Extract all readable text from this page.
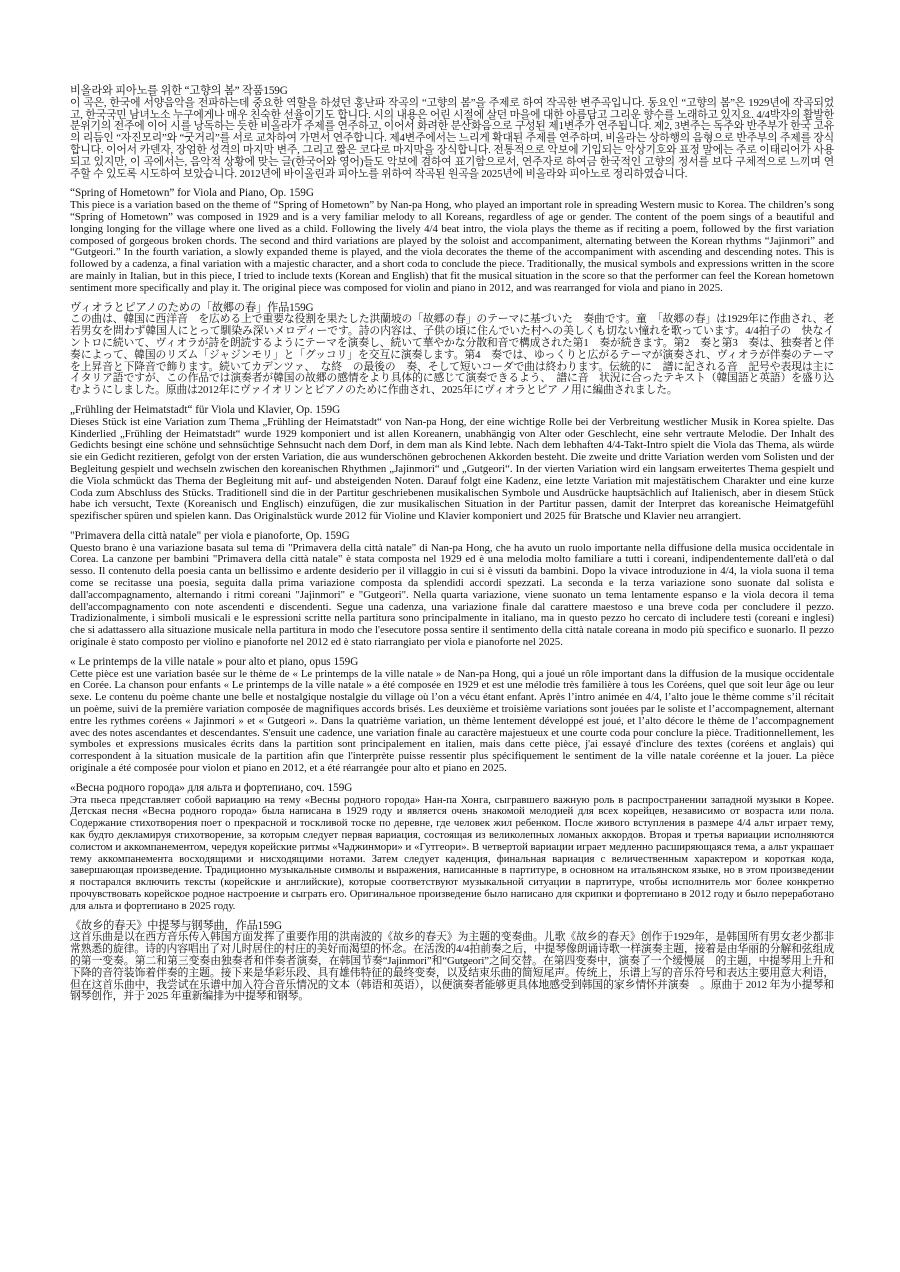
비올라와 피아노를 위한 “고향의 봄” 작품159G

이 곡은, 한국에 서양음악을 전파하는데 중요한 역할을 하셨던 홍난파 작곡의 “고향의 봄”을 주제로 하여 작곡한 변주곡입니다. 동요인 “고향의 봄”은 1929년에 작곡되었고, 한국국민 남녀노소 누구에게나 매우 친숙한 선율이기도 합니다. 시의 내용은 어린 시절에 살던 마을에 대한 아름답고 그리운 향수를 노래하고 있지요. 4/4박자의 활발한 분위기의 전주에 이어 시를 낭독하는 듯한 비올라가 주제를 연주하고, 이어서 화려한 분산화음으로 구성된 제1변주가 연주됩니다. 제2, 3변주는 독주와 반주부가 한국 고유의 리듬인 “자진모리”와 “굿거리”를 서로 교차하여 가면서 연주합니다. 제4변주에서는 느리게 확대된 주제를 연주하며, 비올라는 상하행의 음형으로 반주부의 주제를 장식합니다. 이어서 카덴자, 장엄한 성격의 마지막 변주, 그리고 짧은 코다로 마지막을 장식합니다. 전통적으로 악보에 기입되는 악상기호와 표정 말에는 주로 이태리어가 사용되고 있지만, 이 곡에서는, 음악적 상황에 맞는 글(한국어와 영어)들도 악보에 겸하여 표기함으로서, 연주자로 하여금 한국적인 고향의 정서를 보다 구체적으로 느끼며 연주할 수 있도록 시도하여 보았습니다. 2012년에 바이올린과 피아노를 위하여 작곡된 원곡을 2025년에 비올라와 피아노로 정리하였습니다.

“Spring of Hometown” for Viola and Piano, Op. 159G

This piece is a variation based on the theme of “Spring of Hometown” by Nan-pa Hong, who played an important role in spreading Western music to Korea. The children’s song “Spring of Hometown” was composed in 1929 and is a very familiar melody to all Koreans, regardless of age or gender. The content of the poem sings of a beautiful and longing longing for the village where one lived as a child. Following the lively 4/4 beat intro, the viola plays the theme as if reciting a poem, followed by the first variation composed of gorgeous broken chords. The second and third variations are played by the soloist and accompaniment, alternating between the Korean rhythms “Jajinmori” and “Gutgeori.” In the fourth variation, a slowly expanded theme is played, and the viola decorates the theme of the accompaniment with ascending and descending notes. This is followed by a cadenza, a final variation with a majestic character, and a short coda to conclude the piece. Traditionally, the musical symbols and expressions written in the score are mainly in Italian, but in this piece, I tried to include texts (Korean and English) that fit the musical situation in the score so that the performer can feel the Korean hometown sentiment more specifically and play it. The original piece was composed for violin and piano in 2012, and was rearranged for viola and piano in 2025.

ヴィオラとピアノのための「故郷の春」作品159G

この曲は、韓国に西洋音　を広める上で重要な役割を果たした洪蘭坡の「故郷の春」のテーマに基づいた　奏曲です。童　「故郷の春」は1929年に作曲され、老若男女を問わず韓国人にとって馴染み深いメロディーです。詩の内容は、子供の頃に住んでいた村への美しくも切ない憧れを歌っています。4/4拍子の　快なイントロに続いて、ヴィオラが詩を朗読するようにテーマを演奏し、続いて華やかな分散和音で構成された第1　奏が続きます。第2　奏と第3　奏は、独奏者と伴奏によって、韓国のリズム「ジャジンモリ」と「グッコリ」を交互に演奏します。第4　奏では、ゆっくりと広がるテーマが演奏され、ヴィオラが伴奏のテーマを上昇音と下降音で飾ります。続いてカデンツァ、　な終　の最後の　奏、そして短いコーダで曲は終わります。伝統的に　譜に記される音　記号や表現は主にイタリア語ですが、この作品では演奏者が韓国の故郷の感情をより具体的に感じて演奏できるよう、　譜に音　状況に合ったテキスト（韓国語と英語）を盛り込むようにしました。原曲は2012年にヴァイオリンとピアノのために作曲され、2025年にヴィオラとピア ノ用に編曲されました。

„Frühling der Heimatstadt“ für Viola und Klavier, Op. 159G

Dieses Stück ist eine Variation zum Thema „Frühling der Heimatstadt“ von Nan-pa Hong, der eine wichtige Rolle bei der Verbreitung westlicher Musik in Korea spielte. Das Kinderlied „Frühling der Heimatstadt“ wurde 1929 komponiert und ist allen Koreanern, unabhängig von Alter oder Geschlecht, eine sehr vertraute Melodie. Der Inhalt des Gedichts besingt eine schöne und sehnsüchtige Sehnsucht nach dem Dorf, in dem man als Kind lebte. Nach dem lebhaften 4/4-Takt-Intro spielt die Viola das Thema, als würde sie ein Gedicht rezitieren, gefolgt von der ersten Variation, die aus wunderschönen gebrochenen Akkorden besteht. Die zweite und dritte Variation werden vom Solisten und der Begleitung gespielt und wechseln zwischen den koreanischen Rhythmen „Jajinmori“ und „Gutgeori“. In der vierten Variation wird ein langsam erweitertes Thema gespielt und die Viola schmückt das Thema der Begleitung mit auf- und absteigenden Noten. Darauf folgt eine Kadenz, eine letzte Variation mit majestätischem Charakter und eine kurze Coda zum Abschluss des Stücks. Traditionell sind die in der Partitur geschriebenen musikalischen Symbole und Ausdrücke hauptsächlich auf Italienisch, aber in diesem Stück habe ich versucht, Texte (Koreanisch und Englisch) einzufügen, die zur musikalischen Situation in der Partitur passen, damit der Interpret das koreanische Heimatgefühl spezifischer spüren und spielen kann. Das Originalstück wurde 2012 für Violine und Klavier komponiert und 2025 für Bratsche und Klavier neu arrangiert.

"Primavera della città natale" per viola e pianoforte, Op. 159G

Questo brano è una variazione basata sul tema di "Primavera della città natale" di Nan-pa Hong, che ha avuto un ruolo importante nella diffusione della musica occidentale in Corea. La canzone per bambini "Primavera della città natale" è stata composta nel 1929 ed è una melodia molto familiare a tutti i coreani, indipendentemente dall'età o dal sesso. Il contenuto della poesia canta un bellissimo e ardente desiderio per il villaggio in cui si è vissuti da bambini. Dopo la vivace introduzione in 4/4, la viola suona il tema come se recitasse una poesia, seguita dalla prima variazione composta da splendidi accordi spezzati. La seconda e la terza variazione sono suonate dal solista e dall'accompagnamento, alternando i ritmi coreani "Jajinmori" e "Gutgeori". Nella quarta variazione, viene suonato un tema lentamente espanso e la viola decora il tema dell'accompagnamento con note ascendenti e discendenti. Segue una cadenza, una variazione finale dal carattere maestoso e una breve coda per concludere il pezzo. Tradizionalmente, i simboli musicali e le espressioni scritte nella partitura sono principalmente in italiano, ma in questo pezzo ho cercato di includere testi (coreani e inglesi) che si adattassero alla situazione musicale nella partitura in modo che l'esecutore possa sentire il sentimento della città natale coreana in modo più specifico e suonarlo. Il pezzo originale è stato composto per violino e pianoforte nel 2012 ed è stato riarrangiato per viola e pianoforte nel 2025.

« Le printemps de la ville natale » pour alto et piano, opus 159G

Cette pièce est une variation basée sur le thème de « Le printemps de la ville natale » de Nan-pa Hong, qui a joué un rôle important dans la diffusion de la musique occidentale en Corée. La chanson pour enfants « Le printemps de la ville natale » a été composée en 1929 et est une mélodie très familière à tous les Coréens, quel que soit leur âge ou leur sexe. Le contenu du poème chante une belle et nostalgique nostalgie du village où l’on a vécu étant enfant. Après l’intro animée en 4/4, l’alto joue le thème comme s’il récitait un poème, suivi de la première variation composée de magnifiques accords brisés. Les deuxième et troisième variations sont jouées par le soliste et l’accompagnement, alternant entre les rythmes coréens « Jajinmori » et « Gutgeori ». Dans la quatrième variation, un thème lentement développé est joué, et l’alto décore le thème de l’accompagnement avec des notes ascendantes et descendantes. S'ensuit une cadence, une variation finale au caractère majestueux et une courte coda pour conclure la pièce. Traditionnellement, les symboles et expressions musicales écrits dans la partition sont principalement en italien, mais dans cette pièce, j'ai essayé d'inclure des textes (coréens et anglais) qui correspondent à la situation musicale de la partition afin que l'interprète puisse ressentir plus spécifiquement le sentiment de la ville natale coréenne et la jouer. La pièce originale a été composée pour violon et piano en 2012, et a été réarrangée pour alto et piano en 2025.

«Весна родного города» для альта и фортепиано, соч. 159G

Эта пьеса представляет собой вариацию на тему «Весны родного города» Нан-па Хонга, сыгравшего важную роль в распространении западной музыки в Корее. Детская песня «Весна родного города» была написана в 1929 году и является очень знакомой мелодией для всех корейцев, независимо от возраста или пола. Содержание стихотворения поет о прекрасной и тоскливой тоске по деревне, где человек жил ребенком. После живого вступления в размере 4/4 альт играет тему, как будто декламируя стихотворение, за которым следует первая вариация, состоящая из великолепных ломаных аккордов. Вторая и третья вариации исполняются солистом и аккомпанементом, чередуя корейские ритмы «Чаджинмори» и «Гутгеори». В четвертой вариации играет медленно расширяющаяся тема, а альт украшает тему аккомпанемента восходящими и нисходящими нотами. Затем следует каденция, финальная вариация с величественным характером и короткая кода, завершающая произведение. Традиционно музыкальные символы и выражения, написанные в партитуре, в основном на итальянском языке, но в этом произведении я постарался включить тексты (корейские и английские), которые соответствуют музыкальной ситуации в партитуре, чтобы исполнитель мог более конкретно прочувствовать корейское родное настроение и сыграть его. Оригинальное произведение было написано для скрипки и фортепиано в 2012 году и было переработано для альта и фортепиано в 2025 году.

《故乡的春天》中提琴与钢琴曲，作品159G

这首乐曲是以在西方音乐传入韩国方面发挥了重要作用的洪南波的《故乡的春天》为主题的变奏曲。儿歌《故乡的春天》创作于1929年，是韩国所有男女老少都非常熟悉的旋律。诗的内容唱出了对儿时居住的村庄的美好而渴望的怀念。在活泼的4/4拍前奏之后，中提琴像朗诵诗歌一样演奏主题，接着是由华丽的分解和弦组成的第一变奏。第二和第三变奏由独奏者和伴奏者演奏，在韩国节奏“Jajinmori”和“Gutgeori”之间交替。在第四变奏中，演奏了一个缓慢展　的主题，中提琴用上升和下降的音符装饰着伴奏的主题。接下来是华彩乐段、具有雄伟特征的最终变奏，以及结束乐曲的简短尾声。传统上，乐谱上写的音乐符号和表达主要用意大利语，但在这首乐曲中，我尝试在乐谱中加入符合音乐情况的文本（韩语和英语），以便演奏者能够更具体地感受到韩国的家乡情怀并演奏　。原曲于 2012 年为小提琴和钢琴创作，并于 2025 年重新编排为中提琴和钢琴。
